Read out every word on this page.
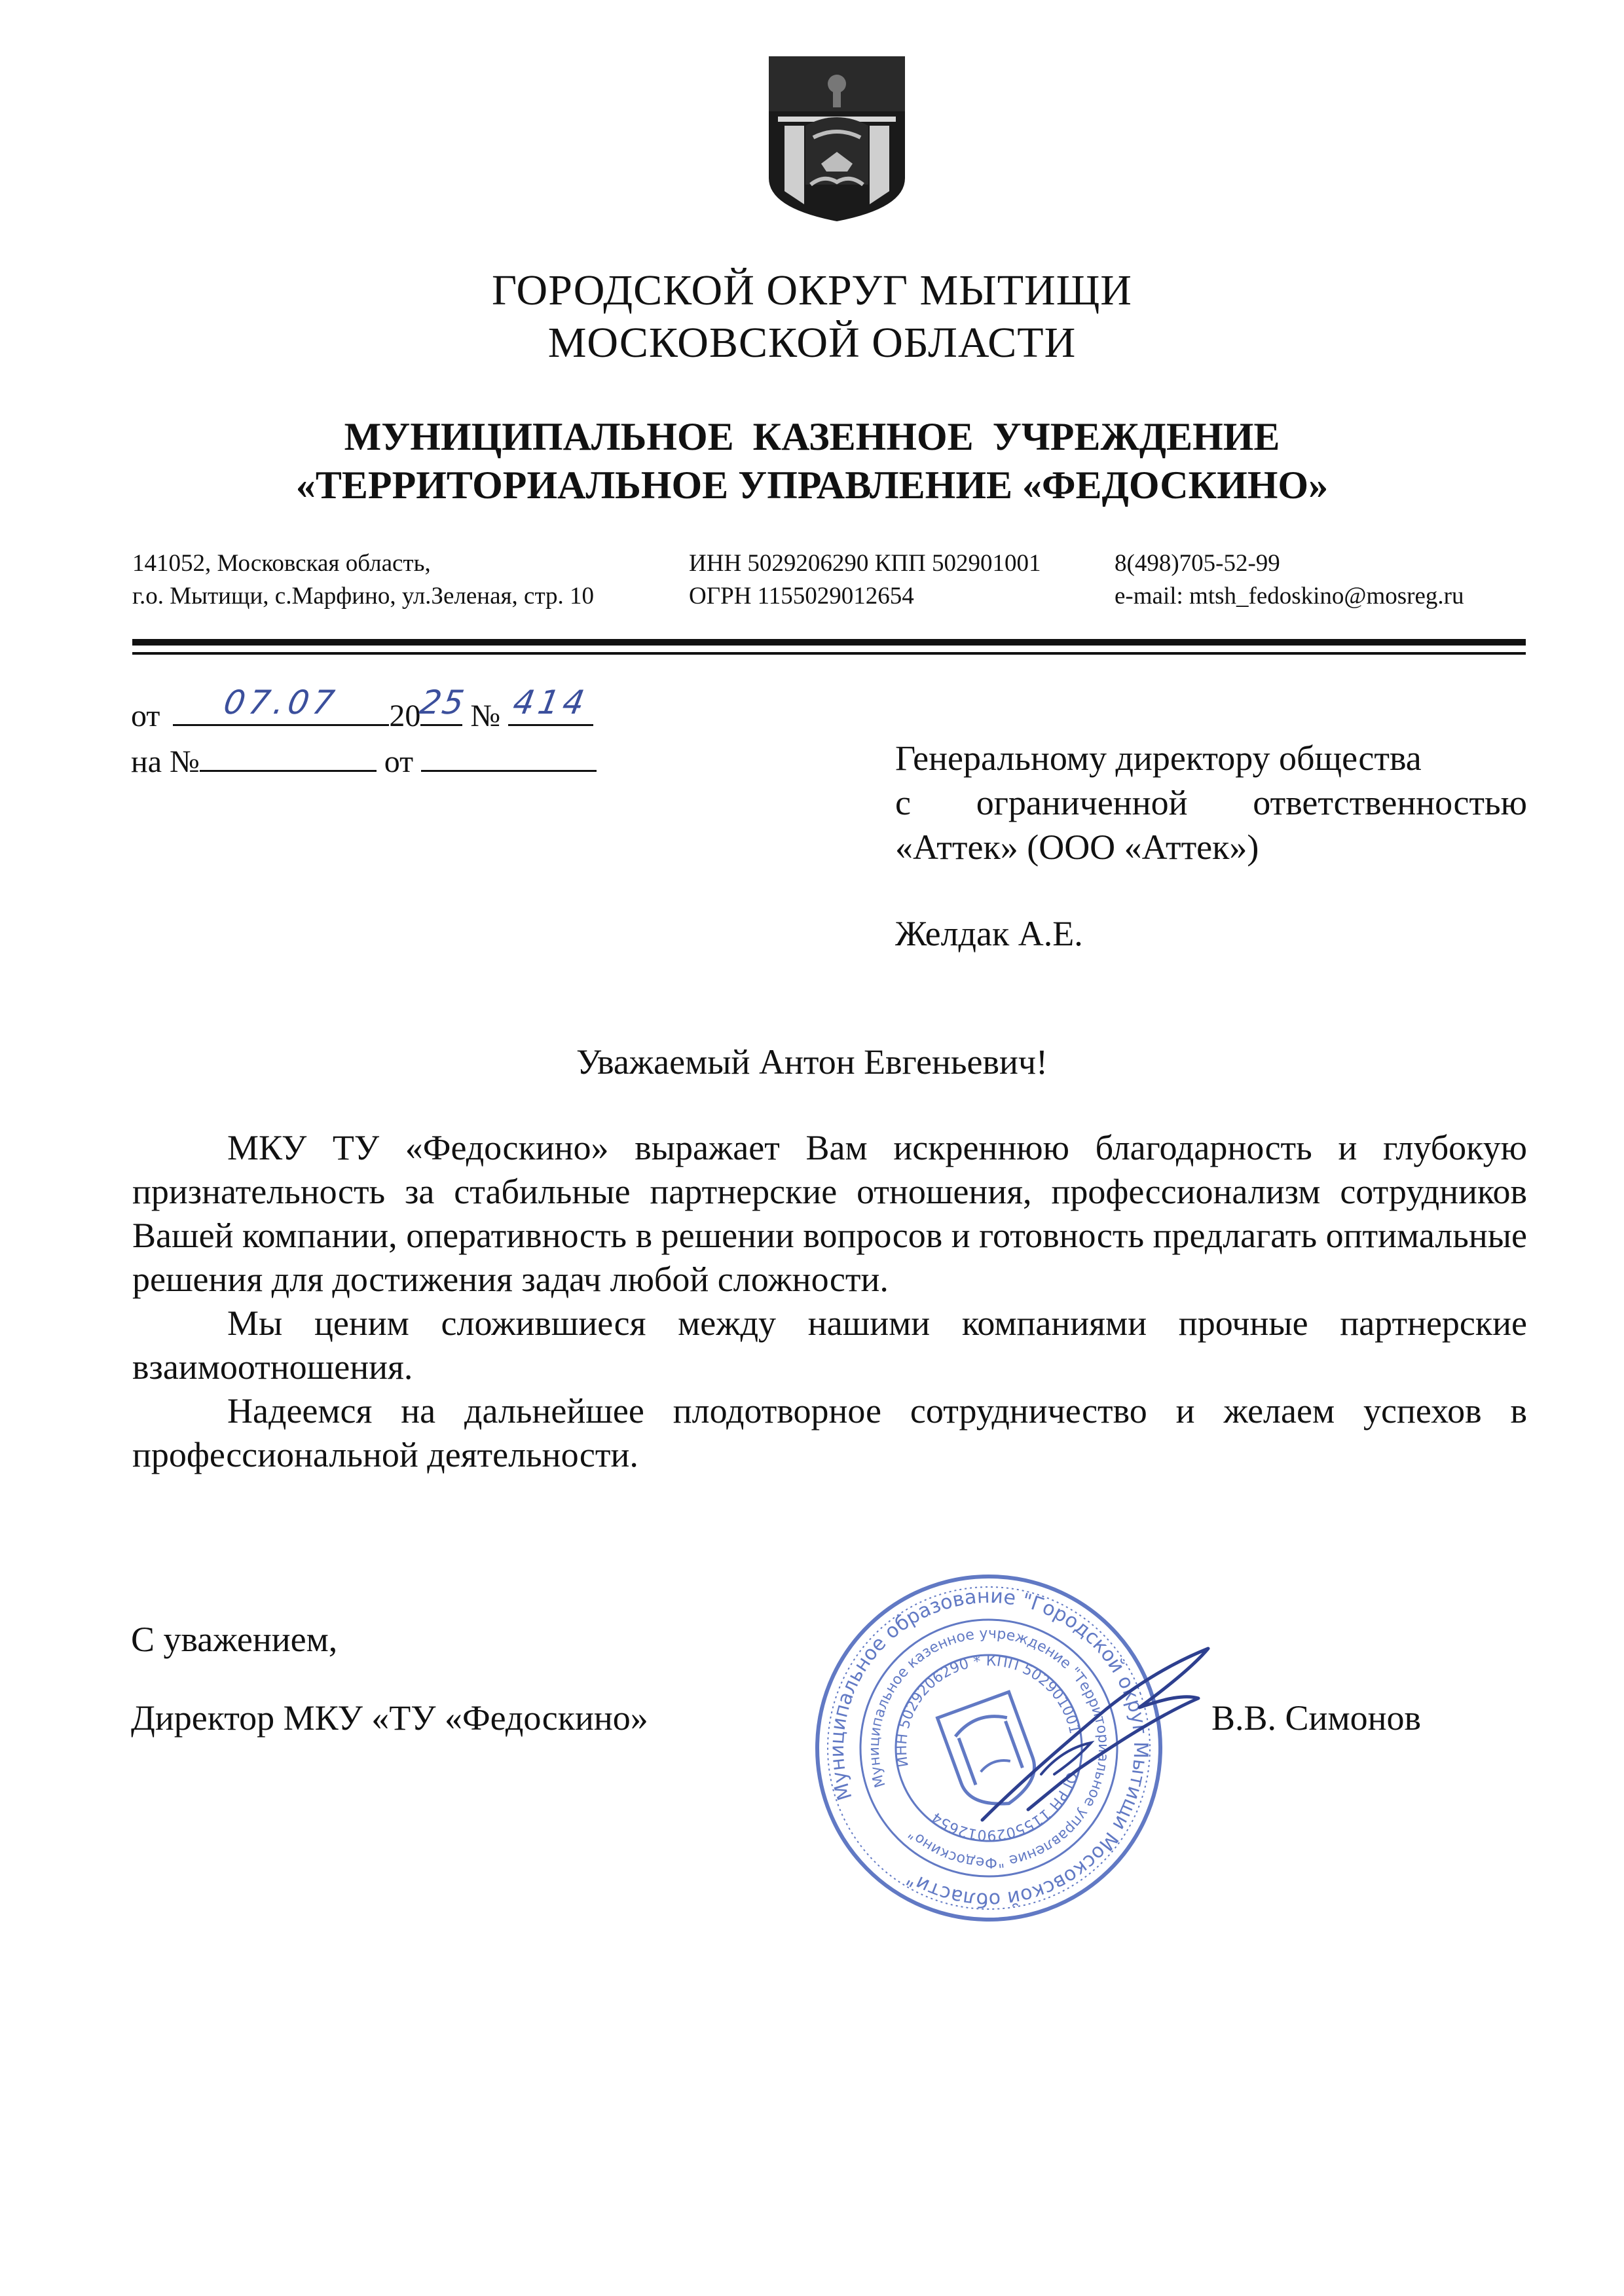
ГОРОДСКОЙ ОКРУГ МЫТИЩИ
МОСКОВСКОЙ ОБЛАСТИ
МУНИЦИПАЛЬНОЕ КАЗЕННОЕ УЧРЕЖДЕНИЕ
«ТЕРРИТОРИАЛЬНОЕ УПРАВЛЕНИЕ «ФЕДОСКИНО»
141052, Московская область,
г.о. Мытищи, с.Марфино, ул.Зеленая, стр. 10
ИНН 5029206290 КПП 502901001
ОГРН 1155029012654
8(498)705-52-99
e-mail: mtsh_fedoskino@mosreg.ru
от	07.07	20
25 № 414
на №	от	Генеральному директору общества
с ограниченной ответственностью
«Аттек» (ООО «Аттек»)
Желдак А.Е.
Уважаемый Антон Евгеньевич!

МКУ ТУ «Федоскино» выражает Вам искреннюю благодарность и глубокую признательность за стабильные партнерские отношения, профессионализм сотрудников Вашей компании, оперативность в решении вопросов и готовность предлагать оптимальные решения для достижения задач любой сложности.

Мы ценим сложившиеся между нашими компаниями прочные партнерские взаимоотношения.

Надеемся на дальнейшее плодотворное сотрудничество и желаем успехов в профессиональной деятельности.

С уважением,
Директор МКУ «ТУ «Федоскино»	В.В. Симонов
Муниципальное образование "Городской округ Мытищи Московской области"
Муниципальное казенное учреждение "Территориальное управление "Федоскино"
ИНН 5029206290 * КПП 502901001
ОГРН 1155029012654
